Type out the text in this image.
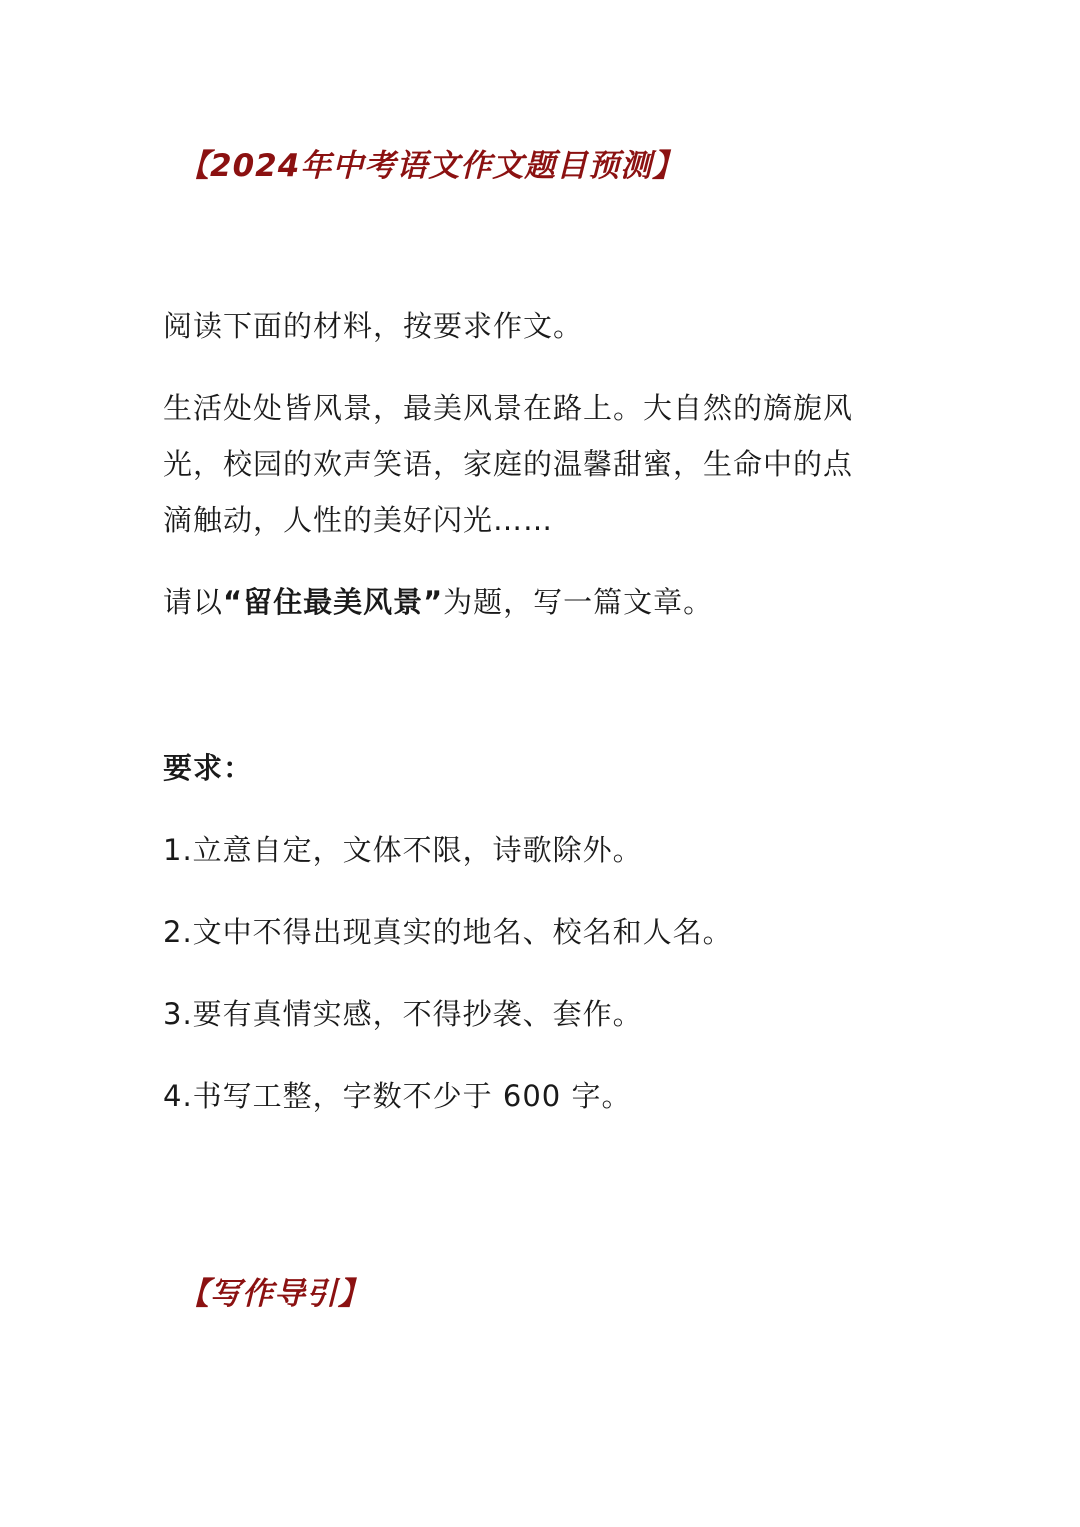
【2024年中考语文作文题目预测】

阅读下面的材料，按要求作文。

生活处处皆风景，最美风景在路上。大自然的旖旎风
光，校园的欢声笑语，家庭的温馨甜蜜，生命中的点
滴触动，人性的美好闪光……

请以“留住最美风景”为题，写一篇文章。

要求：

1.立意自定，文体不限，诗歌除外。

2.文中不得出现真实的地名、校名和人名。

3.要有真情实感，不得抄袭、套作。

4.书写工整，字数不少于 600 字。

【写作导引】
